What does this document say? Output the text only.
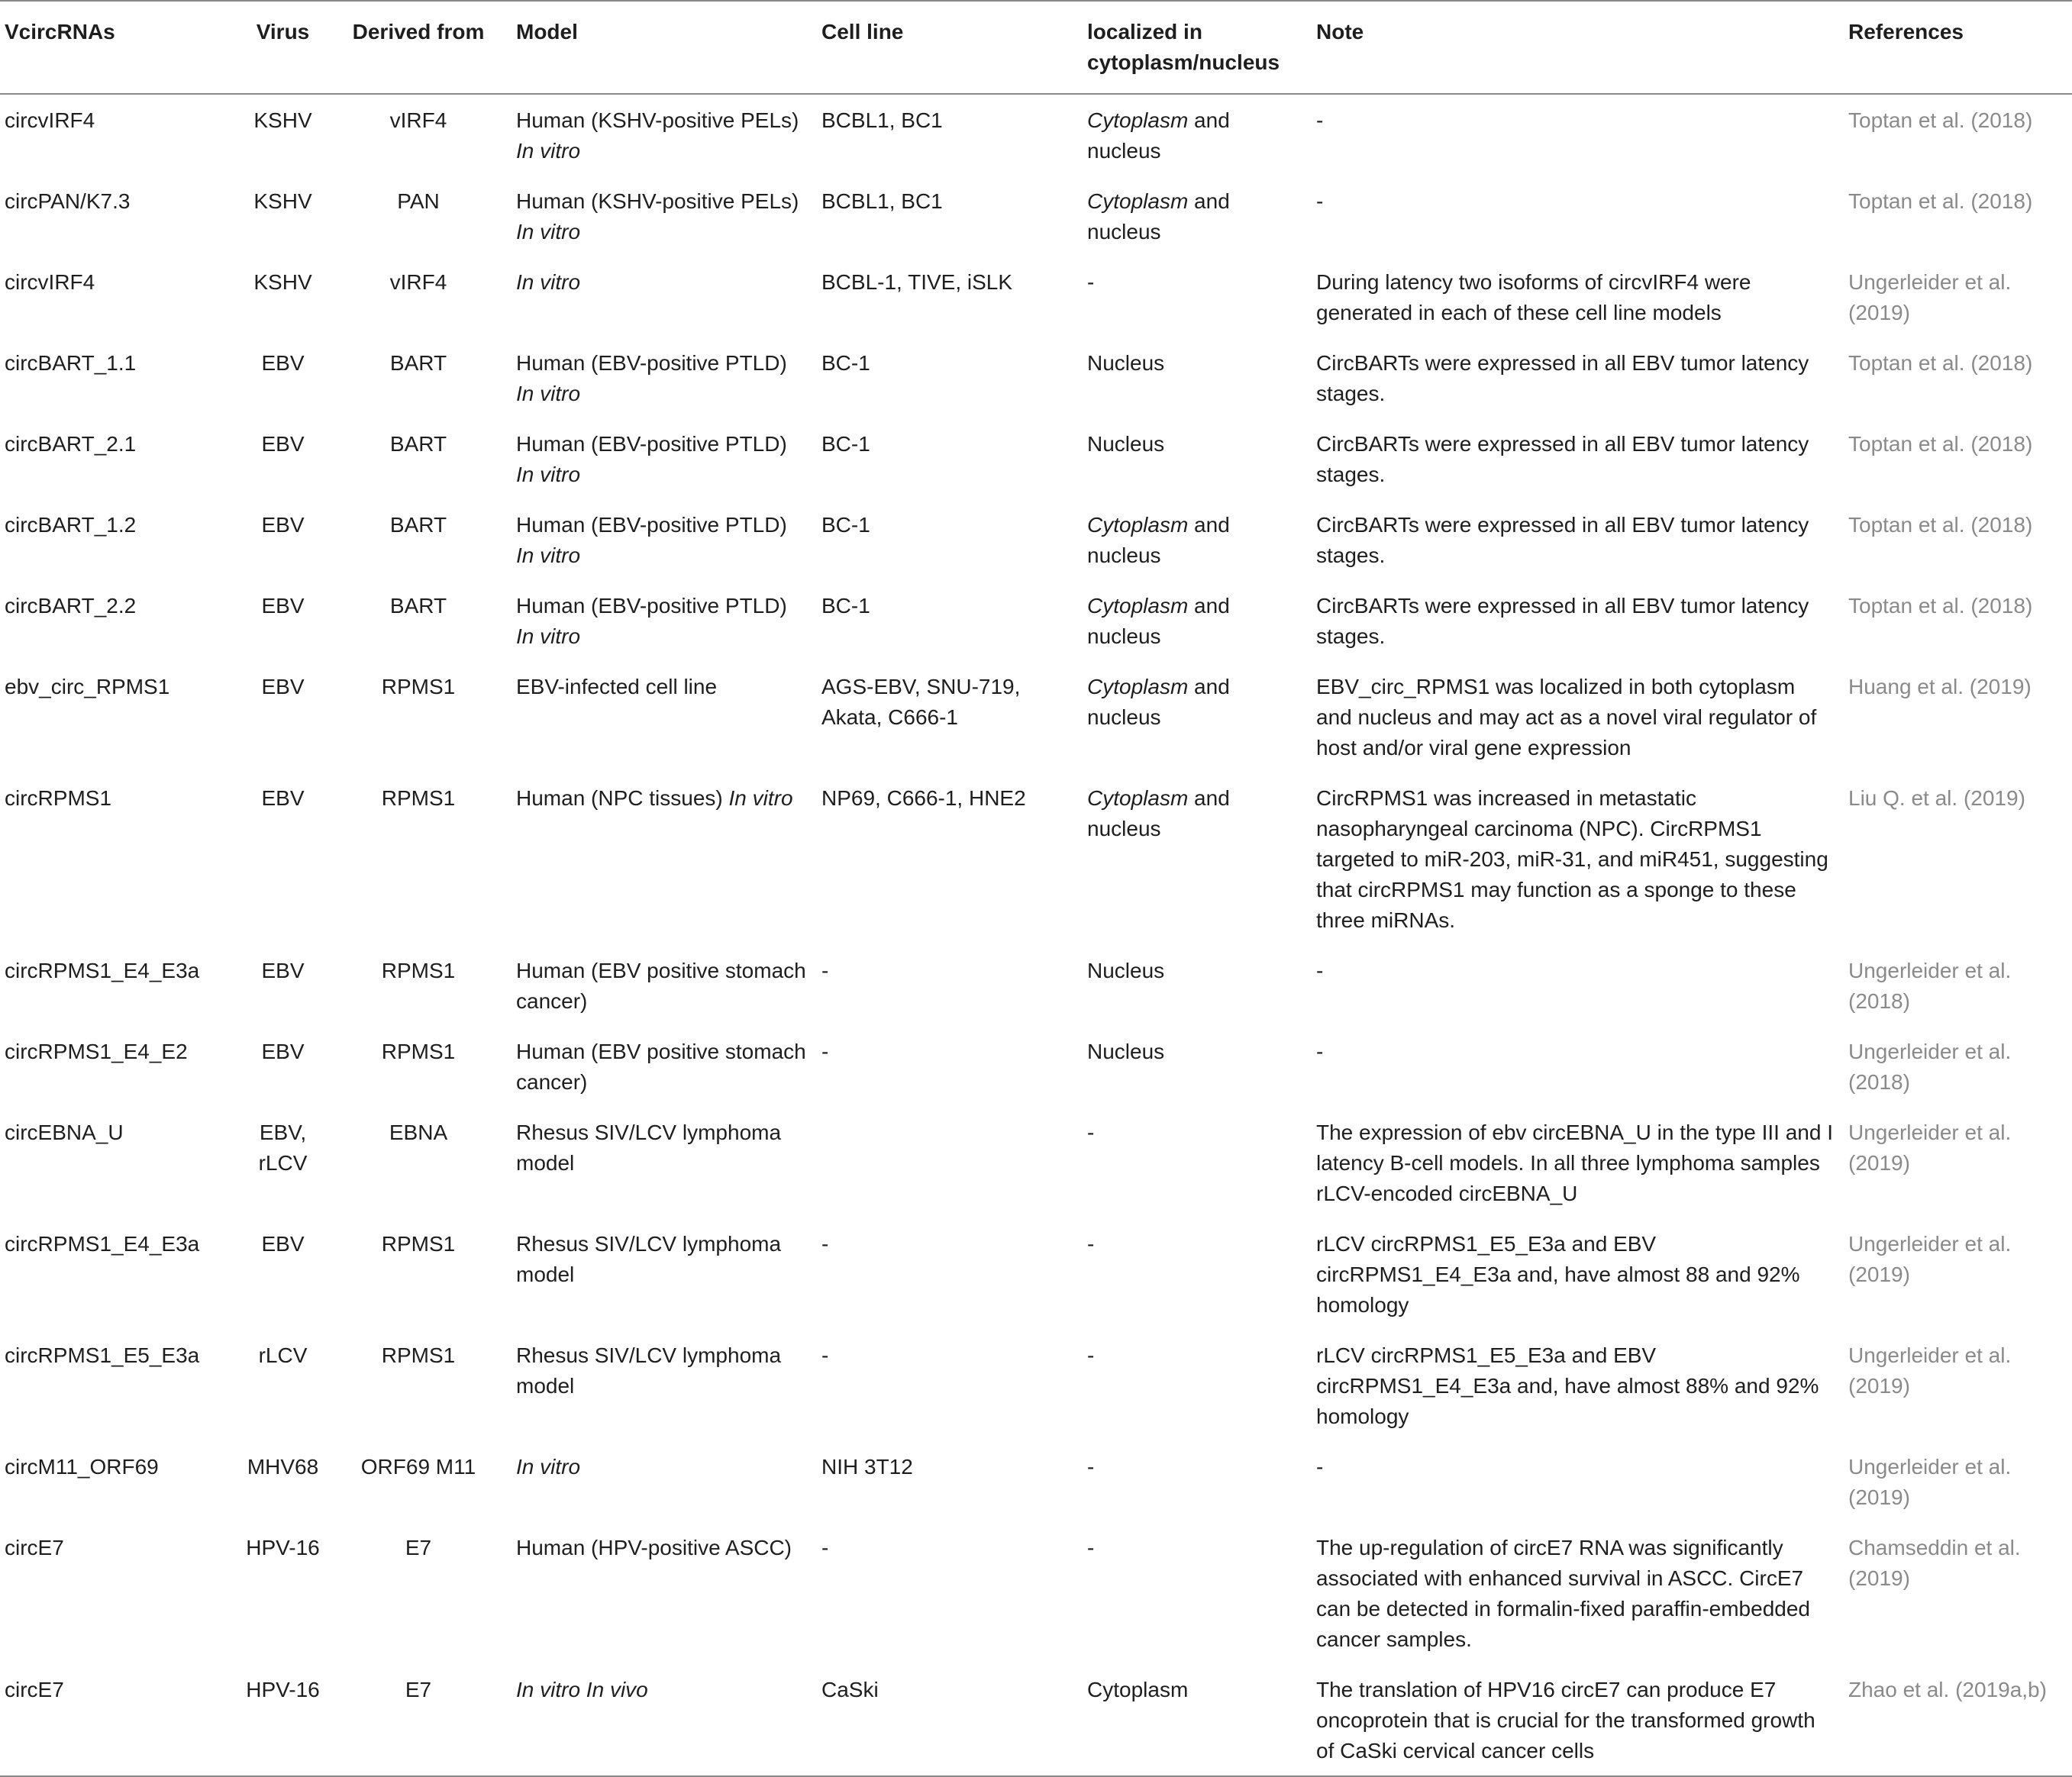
VcircRNAs	Virus	Derived from	Model	Cell line	localized in cytoplasm/nucleus	Note	References
circvIRF4	KSHV	vIRF4	Human (KSHV-positive PELs) In vitro	BCBL1, BC1	Cytoplasm and nucleus	-	Toptan et al. (2018)
circPAN/K7.3	KSHV	PAN	Human (KSHV-positive PELs) In vitro	BCBL1, BC1	Cytoplasm and nucleus	-	Toptan et al. (2018)
circvIRF4	KSHV	vIRF4	In vitro	BCBL-1, TIVE, iSLK	-	During latency two isoforms of circvIRF4 were generated in each of these cell line models	Ungerleider et al. (2019)
circBART_1.1	EBV	BART	Human (EBV-positive PTLD) In vitro	BC-1	Nucleus	CircBARTs were expressed in all EBV tumor latency stages.	Toptan et al. (2018)
circBART_2.1	EBV	BART	Human (EBV-positive PTLD) In vitro	BC-1	Nucleus	CircBARTs were expressed in all EBV tumor latency stages.	Toptan et al. (2018)
circBART_1.2	EBV	BART	Human (EBV-positive PTLD) In vitro	BC-1	Cytoplasm and nucleus	CircBARTs were expressed in all EBV tumor latency stages.	Toptan et al. (2018)
circBART_2.2	EBV	BART	Human (EBV-positive PTLD) In vitro	BC-1	Cytoplasm and nucleus	CircBARTs were expressed in all EBV tumor latency stages.	Toptan et al. (2018)
ebv_circ_RPMS1	EBV	RPMS1	EBV-infected cell line	AGS-EBV, SNU-719, Akata, C666-1	Cytoplasm and nucleus	EBV_circ_RPMS1 was localized in both cytoplasm and nucleus and may act as a novel viral regulator of host and/or viral gene expression	Huang et al. (2019)
circRPMS1	EBV	RPMS1	Human (NPC tissues) In vitro	NP69, C666-1, HNE2	Cytoplasm and nucleus	CircRPMS1 was increased in metastatic nasopharyngeal carcinoma (NPC). CircRPMS1 targeted to miR-203, miR-31, and miR451, suggesting that circRPMS1 may function as a sponge to these three miRNAs.	Liu Q. et al. (2019)
circRPMS1_E4_E3a	EBV	RPMS1	Human (EBV positive stomach cancer)	-	Nucleus	-	Ungerleider et al. (2018)
circRPMS1_E4_E2	EBV	RPMS1	Human (EBV positive stomach cancer)	-	Nucleus	-	Ungerleider et al. (2018)
circEBNA_U	EBV, rLCV	EBNA	Rhesus SIV/LCV lymphoma model		-	The expression of ebv circEBNA_U in the type III and I latency B-cell models. In all three lymphoma samples rLCV-encoded circEBNA_U	Ungerleider et al. (2019)
circRPMS1_E4_E3a	EBV	RPMS1	Rhesus SIV/LCV lymphoma model	-	-	rLCV circRPMS1_E5_E3a and EBV circRPMS1_E4_E3a and, have almost 88 and 92% homology	Ungerleider et al. (2019)
circRPMS1_E5_E3a	rLCV	RPMS1	Rhesus SIV/LCV lymphoma model	-	-	rLCV circRPMS1_E5_E3a and EBV circRPMS1_E4_E3a and, have almost 88% and 92% homology	Ungerleider et al. (2019)
circM11_ORF69	MHV68	ORF69 M11	In vitro	NIH 3T12	-	-	Ungerleider et al. (2019)
circE7	HPV-16	E7	Human (HPV-positive ASCC)	-	-	The up-regulation of circE7 RNA was significantly associated with enhanced survival in ASCC. CircE7 can be detected in formalin-fixed paraffin-embedded cancer samples.	Chamseddin et al. (2019)
circE7	HPV-16	E7	In vitro In vivo	CaSki	Cytoplasm	The translation of HPV16 circE7 can produce E7 oncoprotein that is crucial for the transformed growth of CaSki cervical cancer cells	Zhao et al. (2019a,b)
